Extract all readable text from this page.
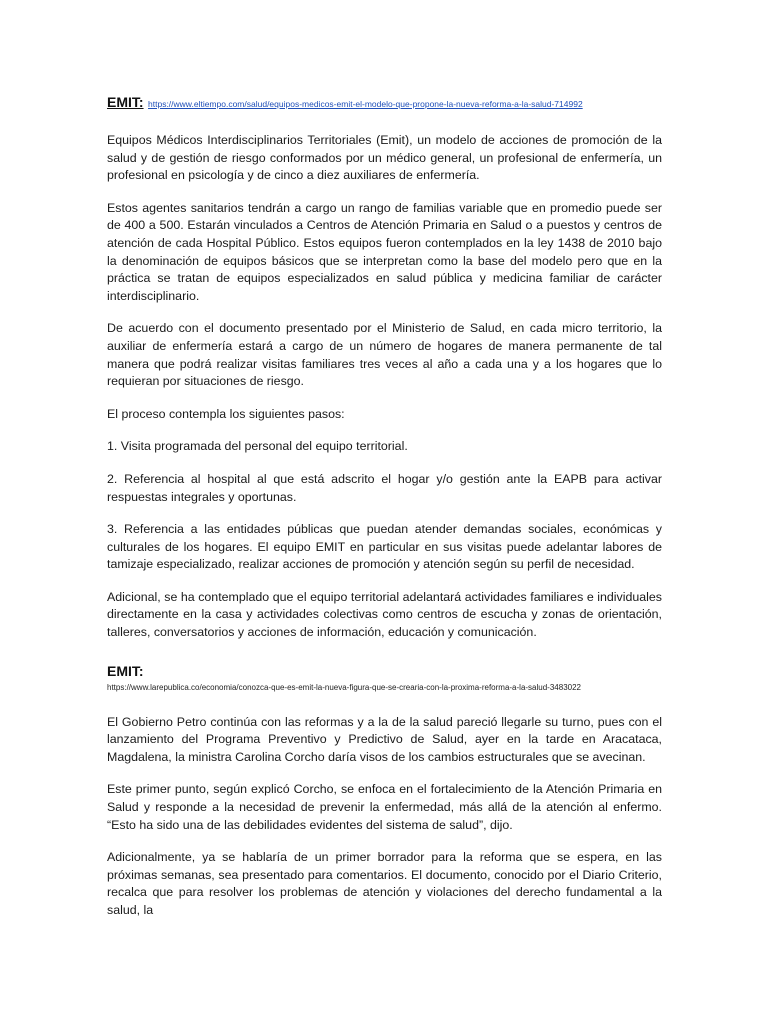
EMIT: https://www.eltiempo.com/salud/equipos-medicos-emit-el-modelo-que-propone-la-nueva-reforma-a-la-salud-714992

Equipos Médicos Interdisciplinarios Territoriales (Emit), un modelo de acciones de promoción de la salud y de gestión de riesgo conformados por un médico general, un profesional de enfermería, un profesional en psicología y de cinco a diez auxiliares de enfermería.

Estos agentes sanitarios tendrán a cargo un rango de familias variable que en promedio puede ser de 400 a 500. Estarán vinculados a Centros de Atención Primaria en Salud o a puestos y centros de atención de cada Hospital Público. Estos equipos fueron contemplados en la ley 1438 de 2010 bajo la denominación de equipos básicos que se interpretan como la base del modelo pero que en la práctica se tratan de equipos especializados en salud pública y medicina familiar de carácter interdisciplinario.

De acuerdo con el documento presentado por el Ministerio de Salud, en cada micro territorio, la auxiliar de enfermería estará a cargo de un número de hogares de manera permanente de tal manera que podrá realizar visitas familiares tres veces al año a cada una y a los hogares que lo requieran por situaciones de riesgo.

El proceso contempla los siguientes pasos:

1. Visita programada del personal del equipo territorial.

2. Referencia al hospital al que está adscrito el hogar y/o gestión ante la EAPB para activar respuestas integrales y oportunas.

3. Referencia a las entidades públicas que puedan atender demandas sociales, económicas y culturales de los hogares. El equipo EMIT en particular en sus visitas puede adelantar labores de tamizaje especializado, realizar acciones de promoción y atención según su perfil de necesidad.

Adicional, se ha contemplado que el equipo territorial adelantará actividades familiares e individuales directamente en la casa y actividades colectivas como centros de escucha y zonas de orientación, talleres, conversatorios y acciones de información, educación y comunicación.

EMIT:
https://www.larepublica.co/economia/conozca-que-es-emit-la-nueva-figura-que-se-crearia-con-la-proxima-reforma-a-la-salud-3483022

El Gobierno Petro continúa con las reformas y a la de la salud pareció llegarle su turno, pues con el lanzamiento del Programa Preventivo y Predictivo de Salud, ayer en la tarde en Aracataca, Magdalena, la ministra Carolina Corcho daría visos de los cambios estructurales que se avecinan.

Este primer punto, según explicó Corcho, se enfoca en el fortalecimiento de la Atención Primaria en Salud y responde a la necesidad de prevenir la enfermedad, más allá de la atención al enfermo. “Esto ha sido una de las debilidades evidentes del sistema de salud”, dijo.

Adicionalmente, ya se hablaría de un primer borrador para la reforma que se espera, en las próximas semanas, sea presentado para comentarios. El documento, conocido por el Diario Criterio, recalca que para resolver los problemas de atención y violaciones del derecho fundamental a la salud, la
